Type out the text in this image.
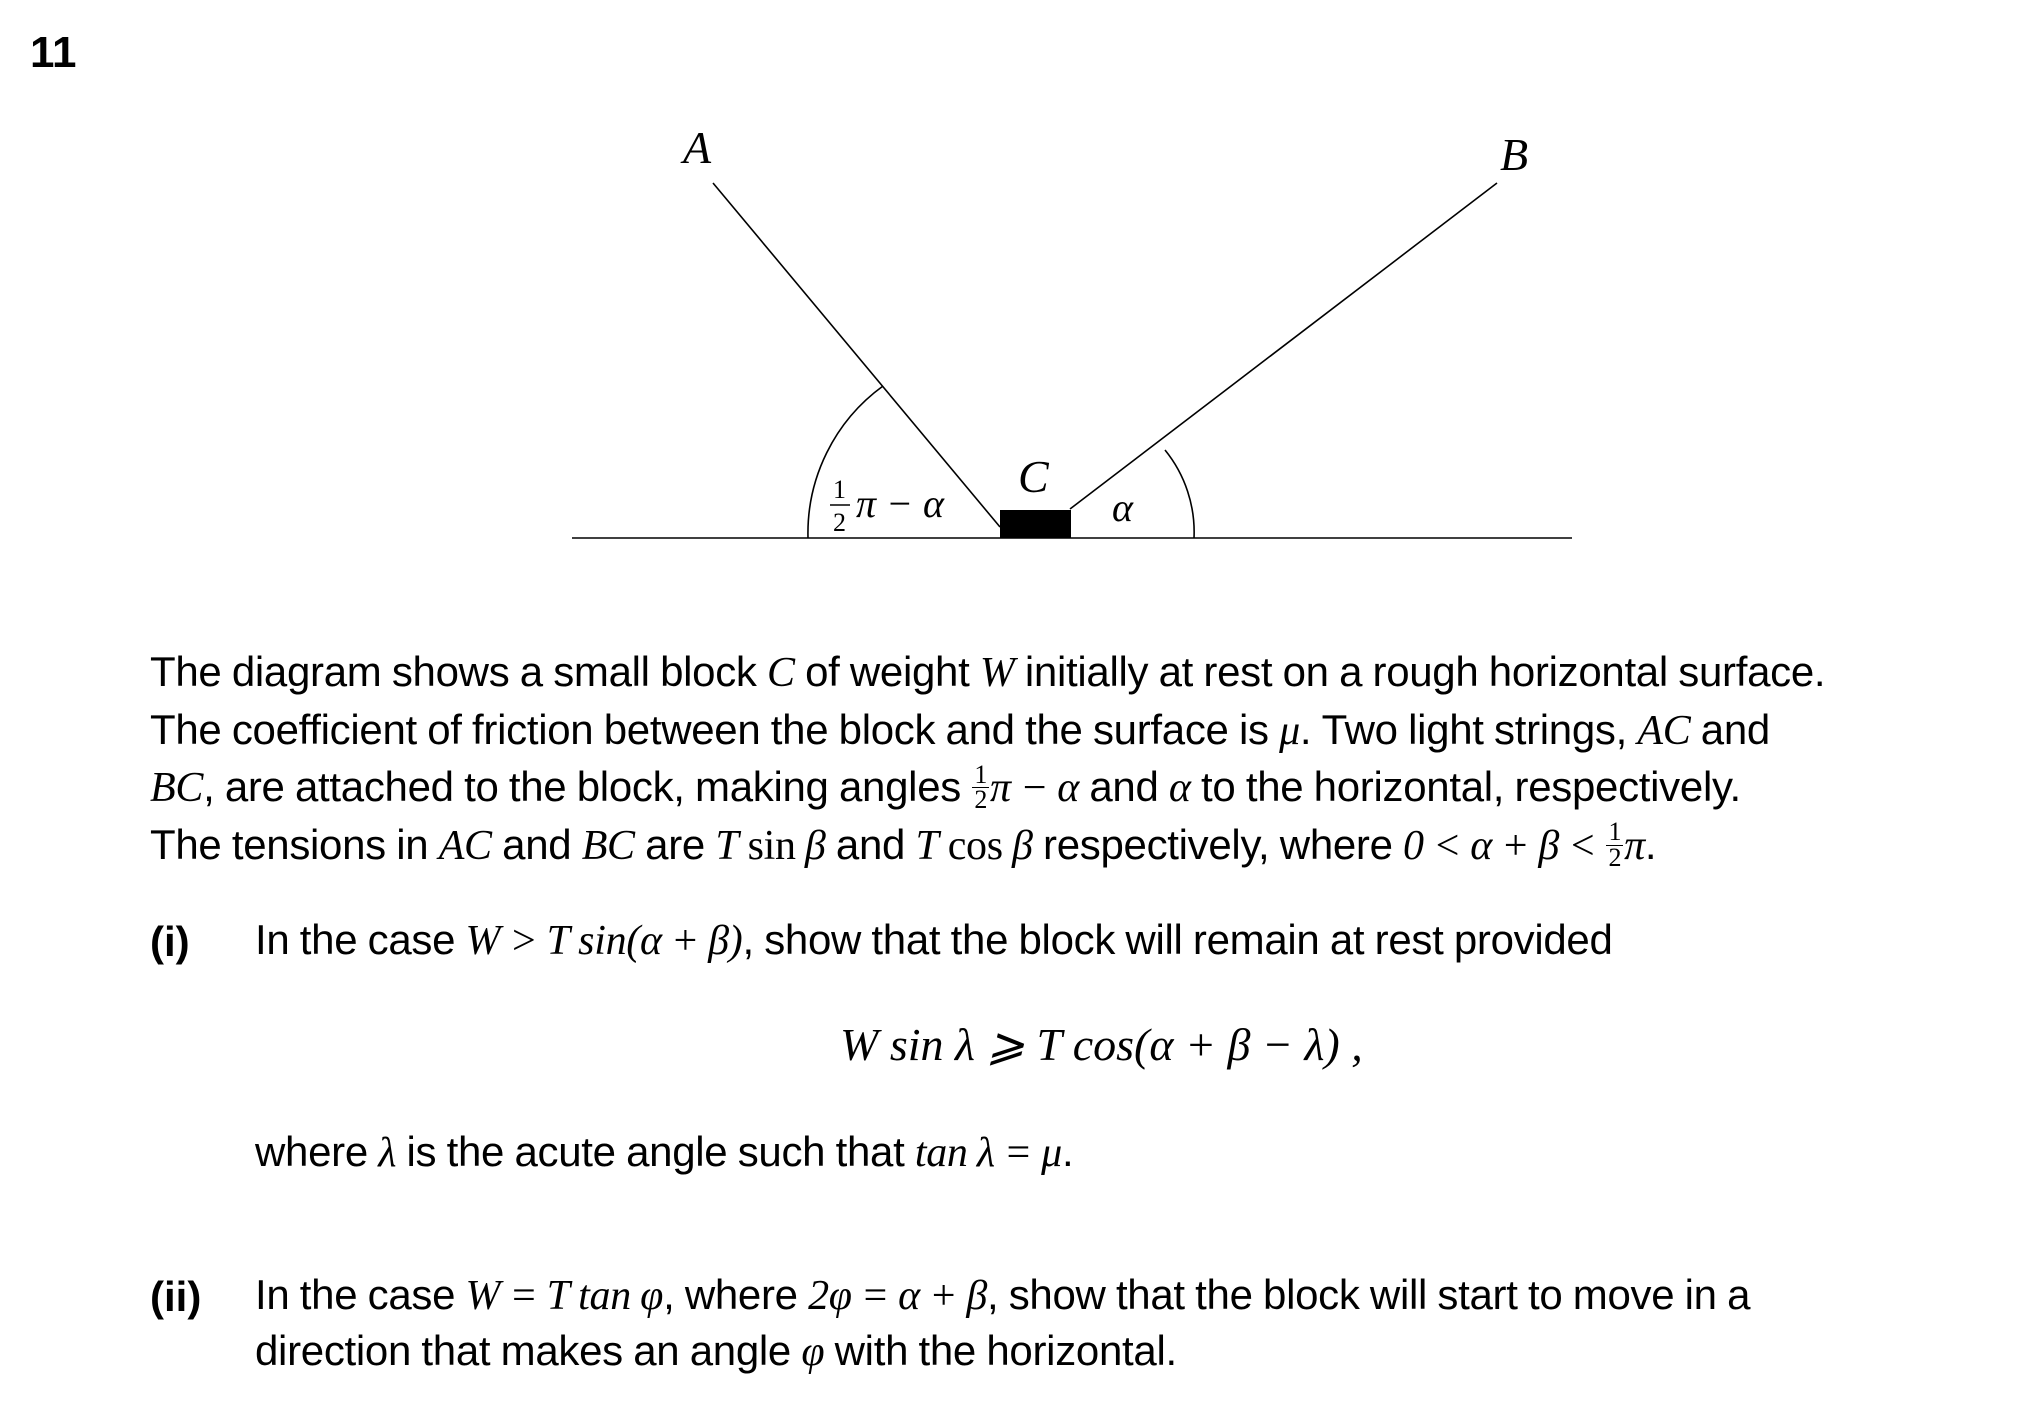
11
A	B
C
1
2 π − α	α
The diagram shows a small block C of weight W initially at rest on a rough horizontal surface.
The coefficient of friction between the block and the surface is μ. Two light strings, AC and
BC, are attached to the block, making angles $\frac{1}{2}$ π − α and α to the horizontal, respectively.
The tensions in AC and BC are T sin β and T cos β respectively, where $0 < \alpha + \beta < \frac{1}{2} \pi$.
(i) In the case W > T sin(α + β), show that the block will remain at rest provided
W sin λ ⩾ T cos(α + β − λ) ,
where λ is the acute angle such that tan λ = μ.
(ii) In the case W = T tan φ, where 2φ = α + β, show that the block will start to move in a
direction that makes an angle φ with the horizontal.
